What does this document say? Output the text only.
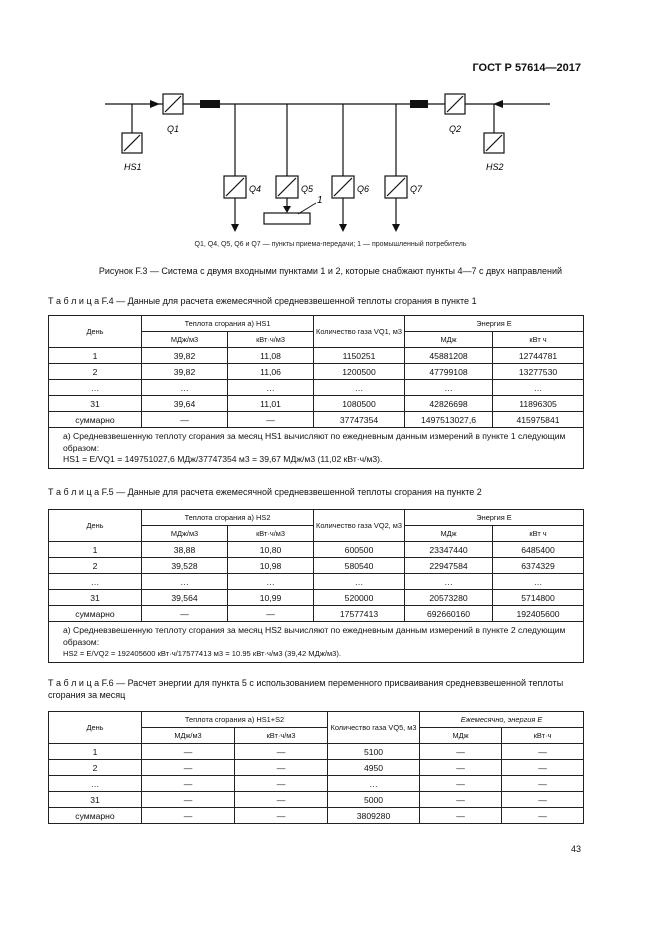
ГОСТ Р 57614—2017
Q1	Q2
HS1	HS2
Q4	Q5	Q6	Q7
1
Q1, Q4, Q5, Q6 и Q7 — пункты приема-передачи; 1 — промышленный потребитель
Рисунок F.3 — Система с двумя входными пунктами 1 и 2, которые снабжают пункты 4—7 с двух направлений
Т а б л и ц а F.4 — Данные для расчета ежемесячной средневзвешенной теплоты сгорания в пункте 1
День	Теплота сгорания a) HS1		Количество газа VQ1, м3	Энергия E	
	МДж/м3	кВт·ч/м3		МДж	кВт ч
1	39,82	11,08	1150251	45881208	12744781
2	39,82	11,06	1200500	47799108	13277530
…	…	…	…	…	…
31	39,64	11,01	1080500	42826698	11896305
суммарно	—	—	37747354	1497513027,6	415975841

a) Средневзвешенную теплоту сгорания за месяц HS1 вычисляют по ежедневным данным измерений в пункте 1 следующим образом:
HS1 = E/VQ1 = 149751027,6 МДж/37747354 м3 = 39,67 МДж/м3 (11,02 кВт·ч/м3).					
Т а б л и ц а F.5 — Данные для расчета ежемесячной средневзвешенной теплоты сгорания на пункте 2
День	Теплота сгорания a) HS2		Количество газа VQ2, м3	Энергия E	
	МДж/м3	кВт·ч/м3		МДж	кВт ч
1	38,88	10,80	600500	23347440	6485400
2	39,528	10,98	580540	22947584	6374329
…	…	…	…	…	…
31	39,564	10,99	520000	20573280	5714800
суммарно	—	—	17577413	692660160	192405600

a) Средневзвешенную теплоту сгорания за месяц HS2 вычисляют по ежедневным данным измерений в пункте 2 следующим образом:
HS2 = E/VQ2 = 192405600 кВт·ч/17577413 м3 = 10.95 кВт·ч/м3 (39,42 МДж/м3).					
Т а б л и ц а F.6 — Расчет энергии для пункта 5 с использованием переменного присваивания средневзвешенной теплоты сгорания за месяц
День	Теплота сгорания a) HS1+S2		Количество газа VQ5, м3	Ежемесячно, энергия E	
	МДж/м3	кВт·ч/м3		МДж	кВт·ч
1	—	—	5100	—	—
2	—	—	4950	—	—
…	—	—	…	—	—
31	—	—	5000	—	—
суммарно	—	—	3809280	—	—
43
